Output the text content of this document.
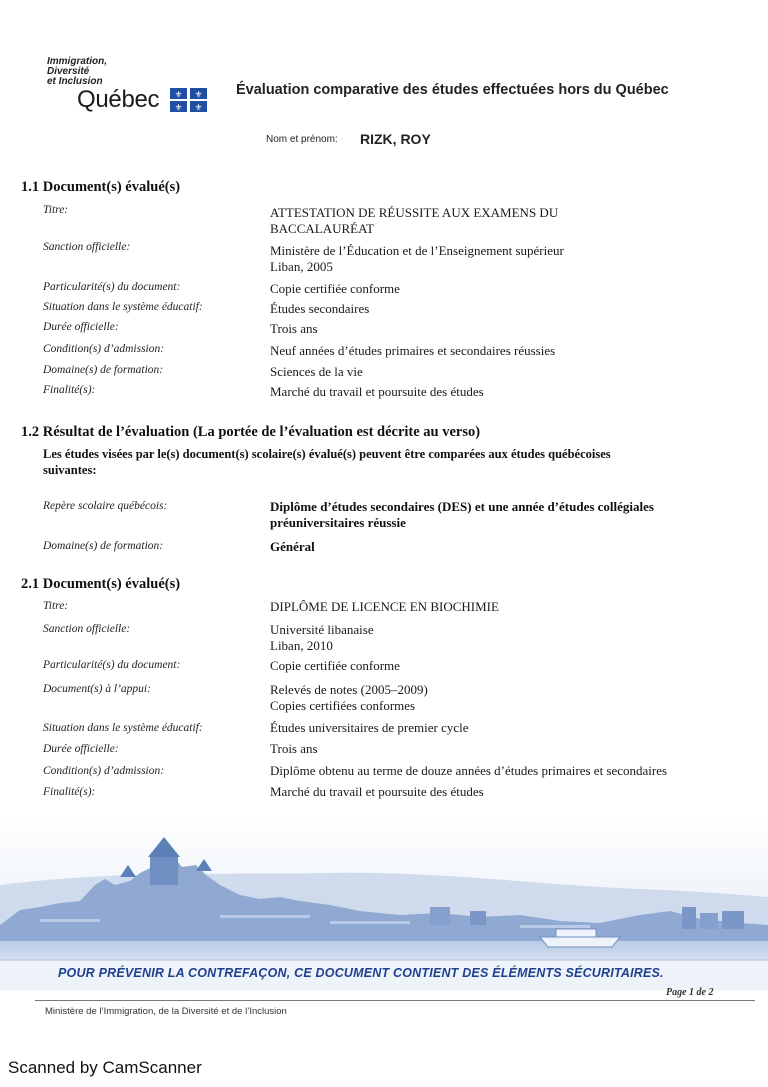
Immigration,
Diversité
et Inclusion
Québec ⚜ ⚜
⚜ ⚜
Évaluation comparative des études effectuées hors du Québec
Nom et prénom: RIZK, ROY
1.1 Document(s) évalué(s)
Titre:	ATTESTATION DE RÉUSSITE AUX EXAMENS DU
BACCALAURÉAT
Sanction officielle:	Ministère de l’Éducation et de l’Enseignement supérieur
Liban, 2005
Particularité(s) du document:	Copie certifiée conforme
Situation dans le système éducatif:	Études secondaires
Durée officielle:	Trois ans
Condition(s) d’admission:	Neuf années d’études primaires et secondaires réussies
Domaine(s) de formation:	Sciences de la vie
Finalité(s):	Marché du travail et poursuite des études
1.2 Résultat de l’évaluation (La portée de l’évaluation est décrite au verso)
Les études visées par le(s) document(s) scolaire(s) évalué(s) peuvent être comparées aux études québécoises
suivantes:
Repère scolaire québécois:	Diplôme d’études secondaires (DES) et une année d’études collégiales
préuniversitaires réussie
Domaine(s) de formation:	Général
2.1 Document(s) évalué(s)
Titre:	DIPLÔME DE LICENCE EN BIOCHIMIE
Sanction officielle:	Université libanaise
Liban, 2010
Particularité(s) du document:	Copie certifiée conforme
Document(s) à l’appui:	Relevés de notes (2005–2009)
Copies certifiées conformes
Situation dans le système éducatif:	Études universitaires de premier cycle
Durée officielle:	Trois ans
Condition(s) d’admission:	Diplôme obtenu au terme de douze années d’études primaires et secondaires
Finalité(s):	Marché du travail et poursuite des études
POUR PRÉVENIR LA CONTREFAÇON, CE DOCUMENT CONTIENT DES ÉLÉMENTS SÉCURITAIRES.
Page 1 de 2
Ministère de l’Immigration, de la Diversité et de l’Inclusion
Scanned by CamScanner
